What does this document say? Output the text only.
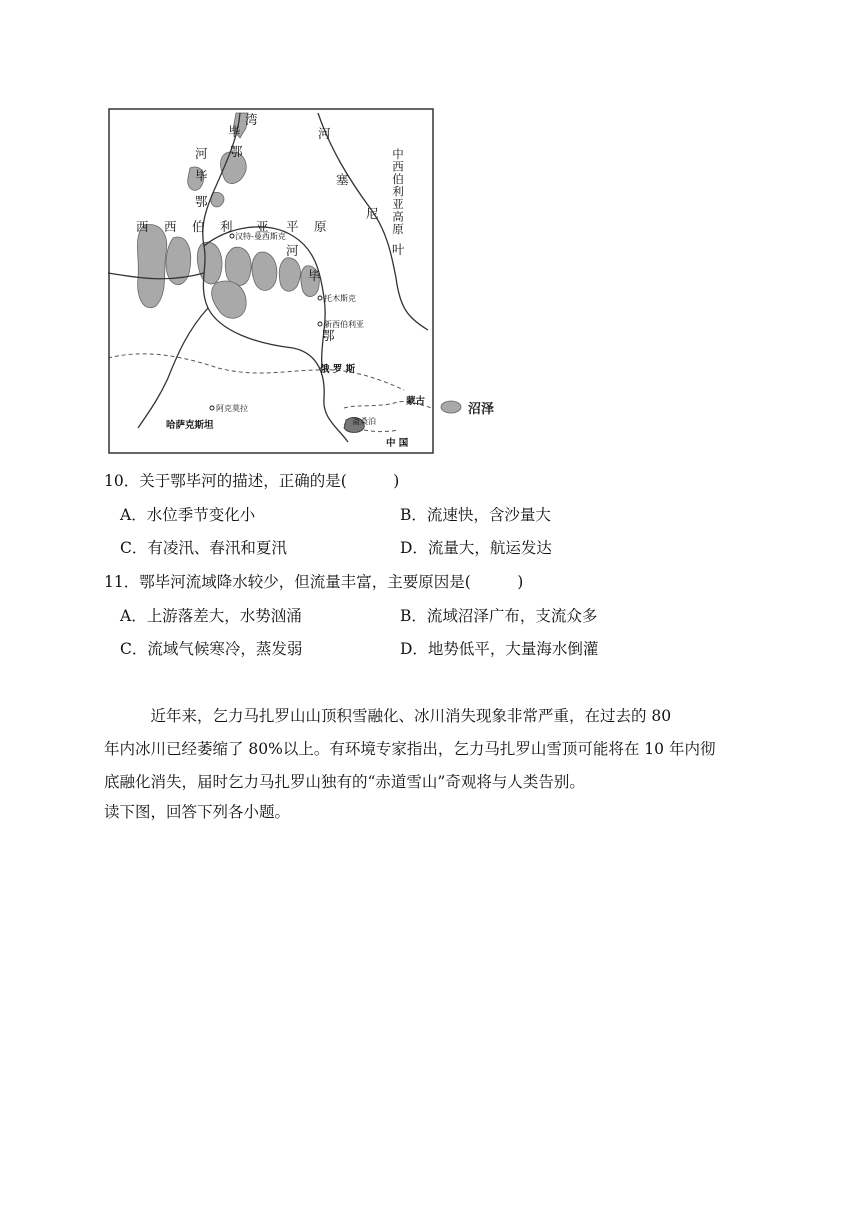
湾
毕
河 鄂
毕
鄂
河
塞
尼
叶
中西伯利亚高原
西 西 伯 利 亚 平 原
河
毕
鄂
汉特-曼西斯克
托木斯克
新西伯利亚
阿克莫拉
俄 罗 斯
蒙古
哈萨克斯坦
中 国
斋桑泊
沼泽
10．关于鄂毕河的描述，正确的是(　　　)
A．水位季节变化小	B．流速快，含沙量大
C．有凌汛、春汛和夏汛	D．流量大，航运发达
11．鄂毕河流域降水较少，但流量丰富，主要原因是(　　　)
A．上游落差大，水势汹涌	B．流域沼泽广布，支流众多
C．流域气候寒冷，蒸发弱	D．地势低平，大量海水倒灌
　　　近年来，乞力马扎罗山山顶积雪融化、冰川消失现象非常严重，在过去的 80
年内冰川已经萎缩了 80%以上。有环境专家指出，乞力马扎罗山雪顶可能将在 10 年内彻
底融化消失，届时乞力马扎罗山独有的“赤道雪山”奇观将与人类告别。
读下图，回答下列各小题。
